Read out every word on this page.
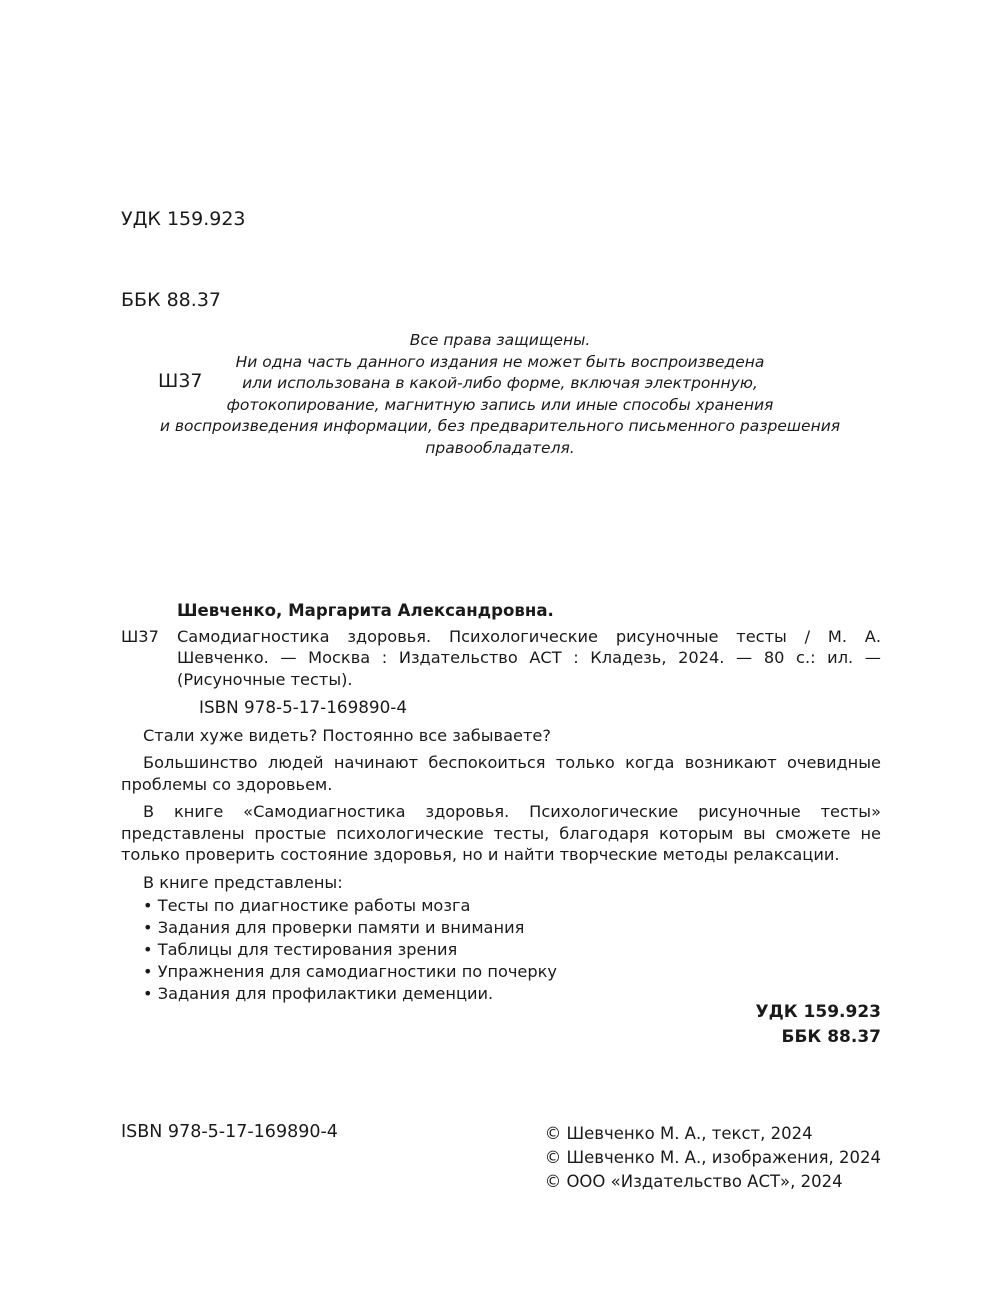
УДК 159.923

ББК 88.37

Ш37

Все права защищены.
Ни одна часть данного издания не может быть воспроизведена
или использована в какой-либо форме, включая электронную,
фотокопирование, магнитную запись или иные способы хранения
и воспроизведения информации, без предварительного письменного разрешения
правообладателя.
Шевченко, Маргарита Александровна.
Ш37 Самодиагностика здоровья. Психологические рисуночные тесты / М. А. Шевченко. — Москва : Издательство АСТ : Кладезь, 2024. — 80 с.: ил. — (Рисуночные тесты).
ISBN 978-5-17-169890-4
Стали хуже видеть? Постоянно все забываете?
Большинство людей начинают беспокоиться только когда возникают очевидные проблемы со здоровьем.
В книге «Самодиагностика здоровья. Психологические рисуночные тесты» представлены простые психологические тесты, благодаря которым вы сможете не только проверить состояние здоровья, но и найти творческие методы релаксации.
В книге представлены:
• Тесты по диагностике работы мозга
• Задания для проверки памяти и внимания
• Таблицы для тестирования зрения
• Упражнения для самодиагностики по почерку
• Задания для профилактики деменции.
УДК 159.923
ББК 88.37
ISBN 978-5-17-169890-4	© Шевченко М. А., текст, 2024
© Шевченко М. А., изображения, 2024
© ООО «Издательство АСТ», 2024
